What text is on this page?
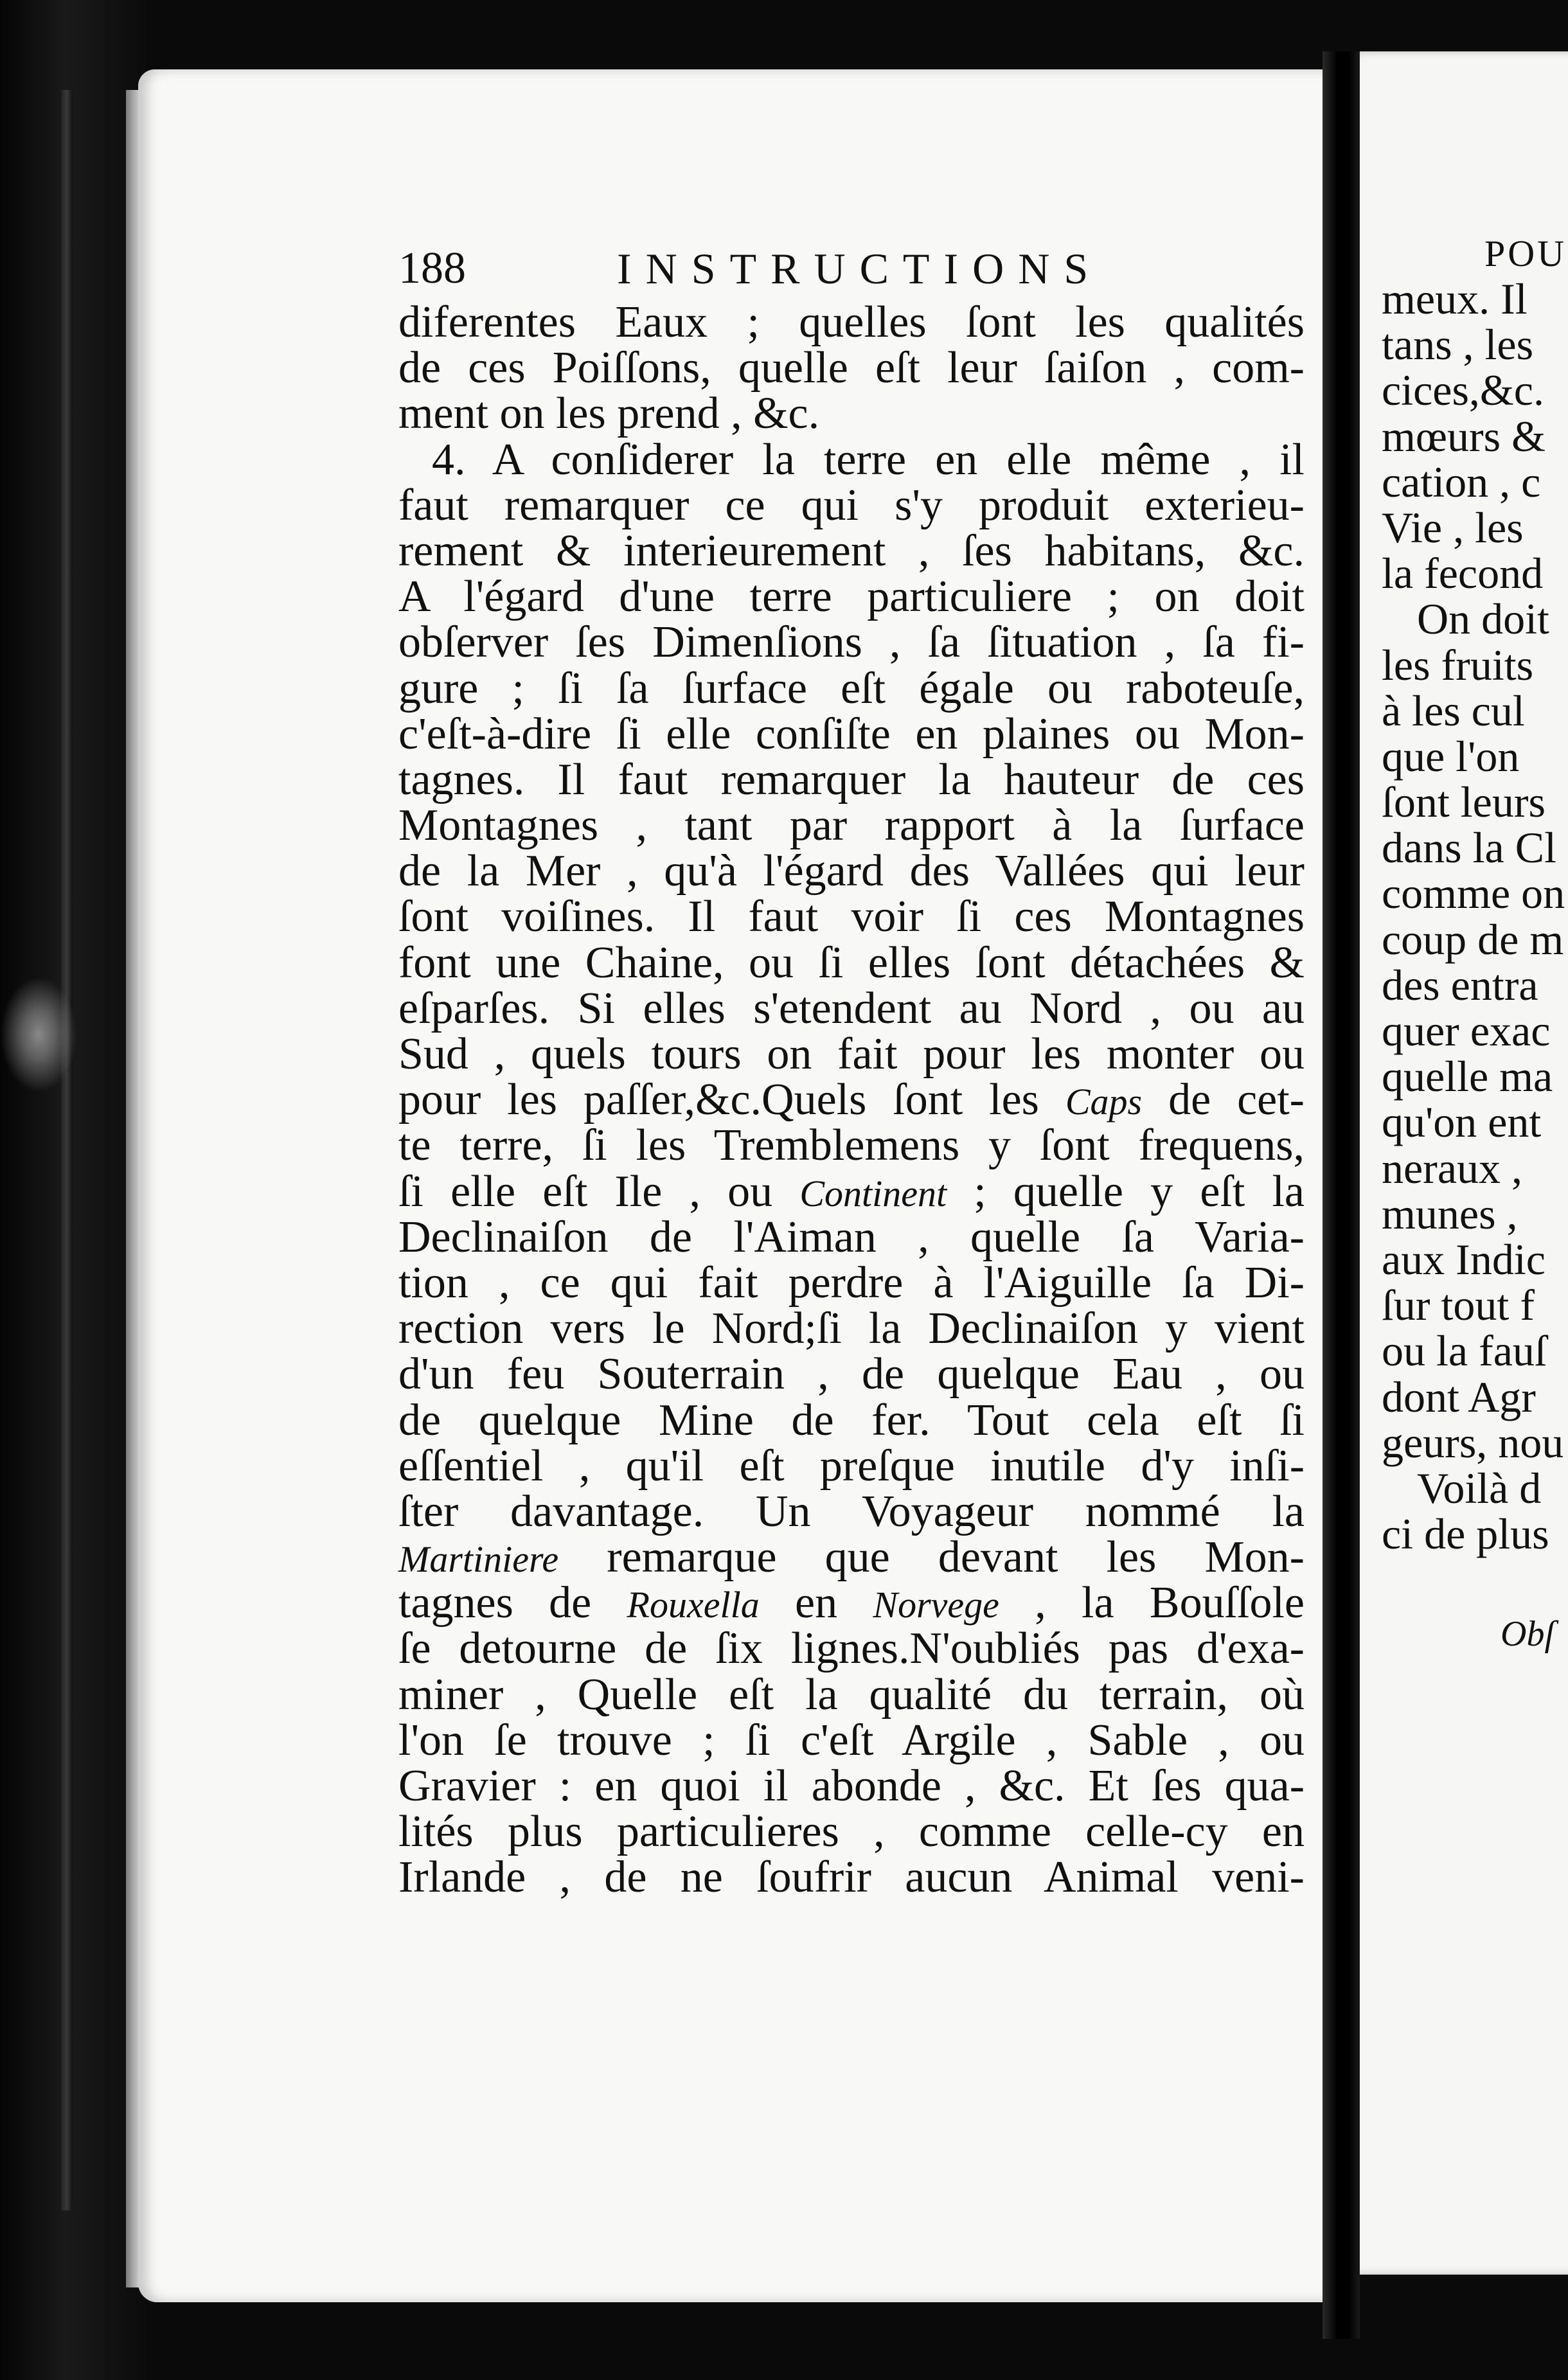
188	INSTRUCTIONS
diferentes Eaux ; quelles ſont les qualités
de ces Poiſſons, quelle eſt leur ſaiſon , com-
ment on les prend , &c.
4. A conſiderer la terre en elle même , il
faut remarquer ce qui s'y produit exterieu-
rement & interieurement , ſes habitans, &c.
A l'égard d'une terre particuliere ; on doit
obſerver ſes Dimenſions , ſa ſituation , ſa fi-
gure ; ſi ſa ſurface eſt égale ou raboteuſe,
c'eſt-à-dire ſi elle conſiſte en plaines ou Mon-
tagnes. Il faut remarquer la hauteur de ces
Montagnes , tant par rapport à la ſurface
de la Mer , qu'à l'égard des Vallées qui leur
ſont voiſines. Il faut voir ſi ces Montagnes
font une Chaine, ou ſi elles ſont détachées &
eſparſes. Si elles s'etendent au Nord , ou au
Sud , quels tours on fait pour les monter ou
pour les paſſer,&c.Quels ſont les Caps de cet-
te terre, ſi les Tremblemens y ſont frequens,
ſi elle eſt Ile , ou Continent ; quelle y eſt la
Declinaiſon de l'Aiman , quelle ſa Varia-
tion , ce qui fait perdre à l'Aiguille ſa Di-
rection vers le Nord;ſi la Declinaiſon y vient
d'un feu Souterrain , de quelque Eau , ou
de quelque Mine de fer. Tout cela eſt ſi
eſſentiel , qu'il eſt preſque inutile d'y inſi-
ſter davantage. Un Voyageur nommé la
Martiniere remarque que devant les Mon-
tagnes de Rouxella en Norvege , la Bouſſole
ſe detourne de ſix lignes.N'oubliés pas d'exa-
miner , Quelle eſt la qualité du terrain, où
l'on ſe trouve ; ſi c'eſt Argile , Sable , ou
Gravier : en quoi il abonde , &c. Et ſes qua-
lités plus particulieres , comme celle-cy en
Irlande , de ne ſoufrir aucun Animal veni-
POU
meux. Il
tans , les
cices,&c.
mœurs &
cation , c
Vie , les
la fecond
On doit
les fruits
à les cul
que l'on
ſont leurs
dans la Cl
comme on
coup de m
des entra
quer exac
quelle ma
qu'on ent
neraux ,
munes ,
aux Indic
ſur tout f
ou la fauſ
dont Agr
geurs, nou
Voilà d
ci de plus
Obſ
